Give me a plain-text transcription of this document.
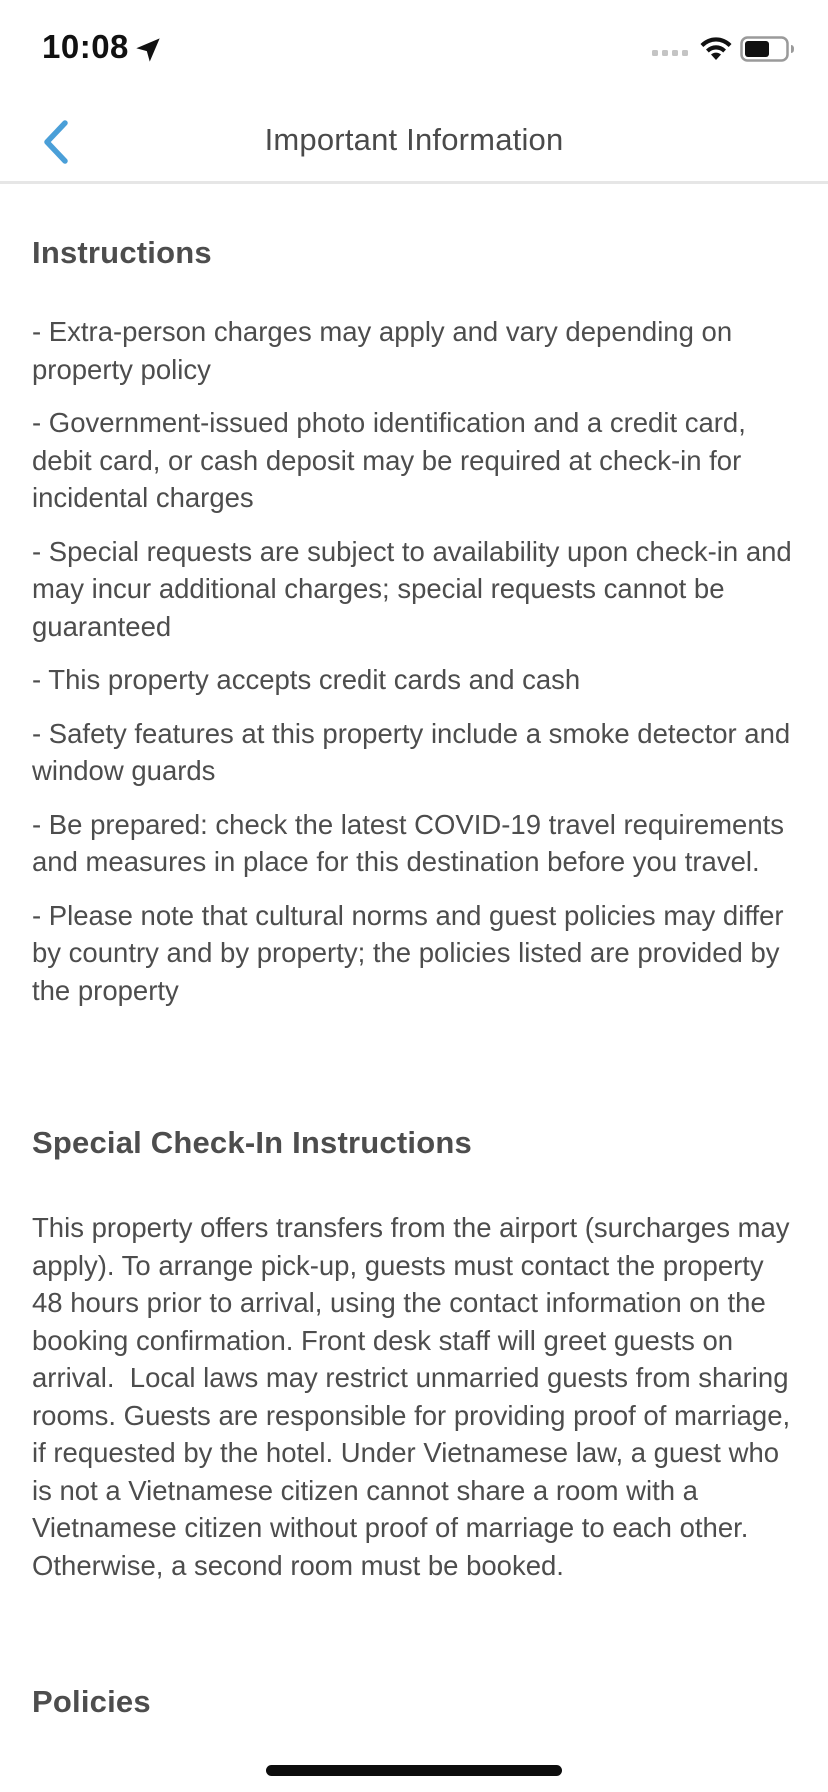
10:08
Important Information
Instructions

- Extra-person charges may apply and vary depending on property policy

- Government-issued photo identification and a credit card, debit card, or cash deposit may be required at check-in for incidental charges

- Special requests are subject to availability upon check-in and may incur additional charges; special requests cannot be guaranteed

- This property accepts credit cards and cash

- Safety features at this property include a smoke detector and window guards

- Be prepared: check the latest COVID-19 travel requirements and measures in place for this destination before you travel.

- Please note that cultural norms and guest policies may differ by country and by property; the policies listed are provided by the property

Special Check-In Instructions

This property offers transfers from the airport (surcharges may apply). To arrange pick-up, guests must contact the property 48 hours prior to arrival, using the contact information on the booking confirmation. Front desk staff will greet guests on arrival.  Local laws may restrict unmarried guests from sharing rooms. Guests are responsible for providing proof of marriage, if requested by the hotel. Under Vietnamese law, a guest who is not a Vietnamese citizen cannot share a room with a Vietnamese citizen without proof of marriage to each other. Otherwise, a second room must be booked.

Policies
